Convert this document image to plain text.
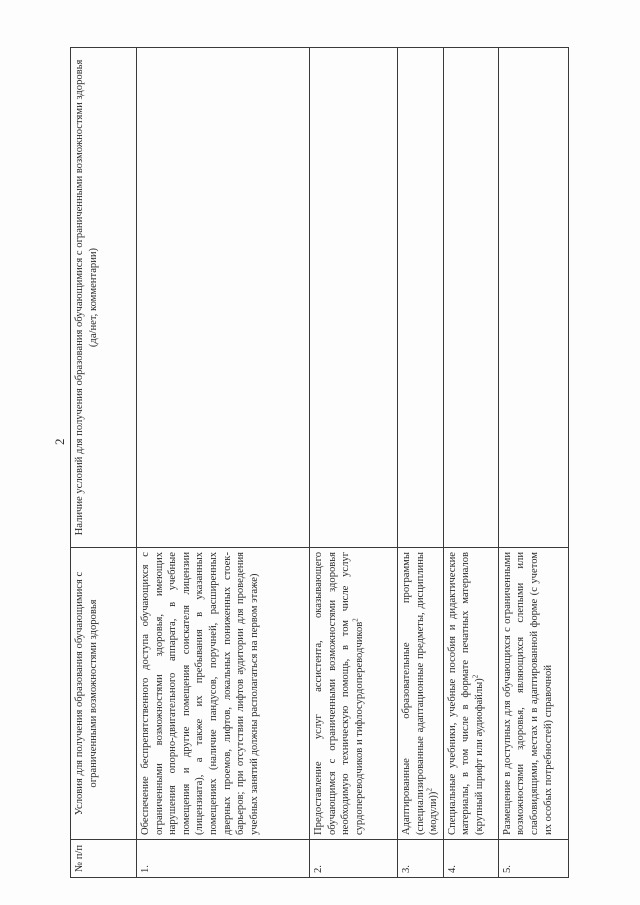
2
№ п/п	Условия для получения образования обучающимися с ограниченными возможностями здоровья	Наличие условий для получения образования обучающимися с ограниченными возможностями здоровья (да/нет, комментарии)
1.	Обеспечение беспрепятственного доступа обучающихся с ограниченными возможностями здоровья, имеющих нарушения опорно-двигательного аппарата, в учебные помещения и другие помещения соискателя лицензии (лицензиата), а также их пребывания в указанных помещениях (наличие пандусов, поручней, расширенных дверных проемов, лифтов, локальных пониженных стоек-барьеров; при отсутствии лифтов аудитории для проведения учебных занятий должны располагаться на первом этаже)	
2.	Предоставление услуг ассистента, оказывающего обучающимся с ограниченными возможностями здоровья необходимую техническую помощь, в том числе услуг сурдопереводчиков и тифлосурдопереводчиков$^2$	
3.	Адаптированные образовательные программы (специализированные адаптационные предметы, дисциплины (модули))$^2$	
4.	Специальные учебники, учебные пособия и дидактические материалы, в том числе в формате печатных материалов (крупный шрифт или аудиофайлы)$^2$	
5.	Размещение в доступных для обучающихся с ограниченными возможностями здоровья, являющихся слепыми или слабовидящими, местах и в адаптированной форме (с учетом их особых потребностей) справочной	
